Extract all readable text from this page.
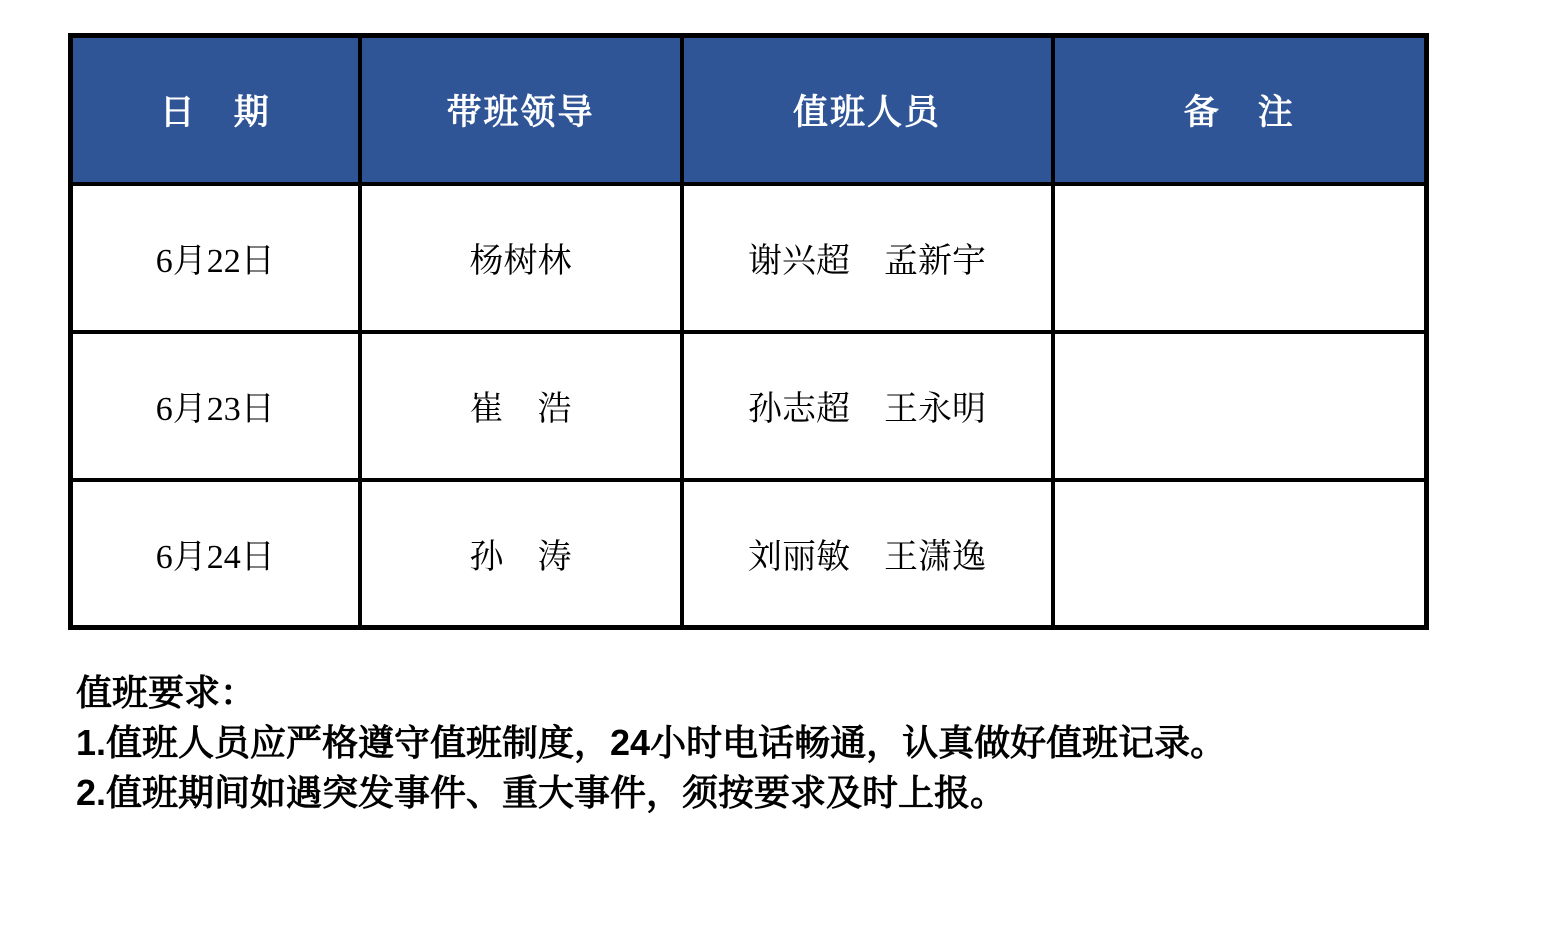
日　期	带班领导	值班人员	备　注
6月22日	杨树林	谢兴超　孟新宇	
6月23日	崔　浩	孙志超　王永明	
6月24日	孙　涛	刘丽敏　王潇逸	
值班要求：
1.值班人员应严格遵守值班制度，24小时电话畅通，认真做好值班记录。
2.值班期间如遇突发事件、重大事件，须按要求及时上报。
